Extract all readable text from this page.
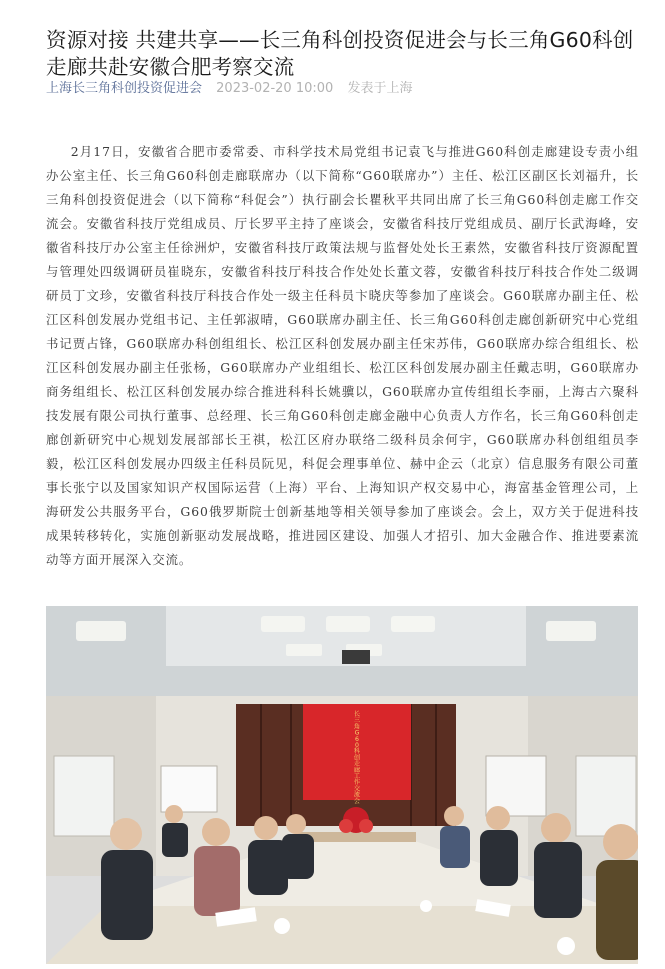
资源对接 共建共享——长三角科创投资促进会与长三角G60科创走廊共赴安徽合肥考察交流
上海长三角科创投资促进会 2023-02-20 10:00 发表于上海

2月17日，安徽省合肥市委常委、市科学技术局党组书记袁飞与推进G60科创走廊建设专责小组办公室主任、长三角G60科创走廊联席办（以下简称“G60联席办”）主任、松江区副区长刘福升，长三角科创投资促进会（以下简称“科促会”）执行副会长瞿秋平共同出席了长三角G60科创走廊工作交流会。安徽省科技厅党组成员、厅长罗平主持了座谈会，安徽省科技厅党组成员、副厅长武海峰，安徽省科技厅办公室主任徐洲炉，安徽省科技厅政策法规与监督处处长王素然，安徽省科技厅资源配置与管理处四级调研员崔晓东，安徽省科技厅科技合作处处长董文蓉，安徽省科技厅科技合作处二级调研员丁文珍，安徽省科技厅科技合作处一级主任科员卞晓庆等参加了座谈会。G60联席办副主任、松江区科创发展办党组书记、主任郭淑晴，G60联席办副主任、长三角G60科创走廊创新研究中心党组书记贾占锋，G60联席办科创组组长、松江区科创发展办副主任宋苏伟，G60联席办综合组组长、松江区科创发展办副主任张杨，G60联席办产业组组长、松江区科创发展办副主任戴志明，G60联席办商务组组长、松江区科创发展办综合推进科科长姚骥以，G60联席办宣传组组长李丽，上海古六聚科技发展有限公司执行董事、总经理、长三角G60科创走廊金融中心负责人方作名，长三角G60科创走廊创新研究中心规划发展部部长王祺，松江区府办联络二级科员余何宇，G60联席办科创组组员李毅，松江区科创发展办四级主任科员阮见，科促会理事单位、赫中企云（北京）信息服务有限公司董事长张宁以及国家知识产权国际运营（上海）平台、上海知识产权交易中心，海富基金管理公司，上海研发公共服务平台，G60俄罗斯院士创新基地等相关领导参加了座谈会。会上，双方关于促进科技成果转移转化，实施创新驱动发展战略，推进园区建设、加强人才招引、加大金融合作、推进要素流动等方面开展深入交流。

长三角 G 6 0 科创走廊工作交流会
